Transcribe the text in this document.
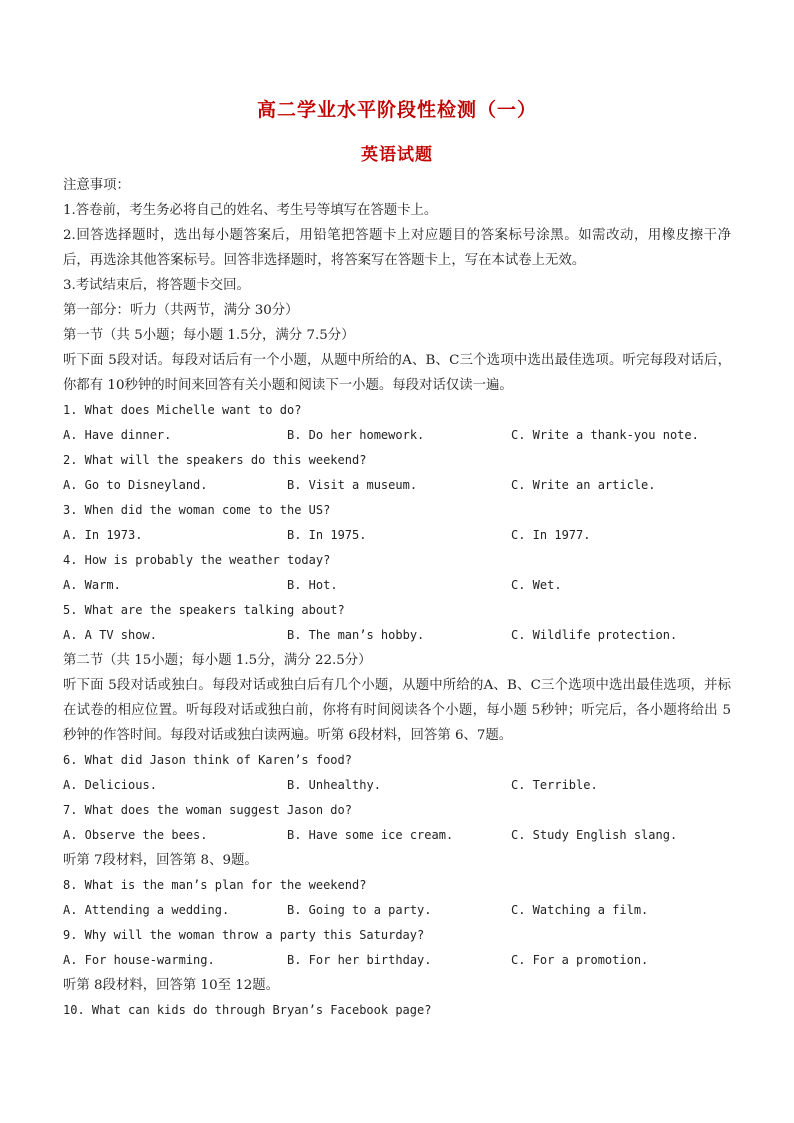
高二学业水平阶段性检测（一）
英语试题
注意事项：
1.答卷前，考生务必将自己的姓名、考生号等填写在答题卡上。
2.回答选择题时，选出每小题答案后，用铅笔把答题卡上对应题目的答案标号涂黑。如需改动，用橡皮擦干净后，再选涂其他答案标号。回答非选择题时，将答案写在答题卡上，写在本试卷上无效。
3.考试结束后，将答题卡交回。
第一部分：听力（共两节，满分 30分）
第一节（共 5小题；每小题 1.5分，满分 7.5分）
听下面 5段对话。每段对话后有一个小题，从题中所给的A、B、C三个选项中选出最佳选项。听完每段对话后，你都有 10秒钟的时间来回答有关小题和阅读下一小题。每段对话仅读一遍。
1. What does Michelle want to do?
A. Have dinner.	B. Do her homework.	C. Write a thank-you note.
2. What will the speakers do this weekend?
A. Go to Disneyland.	B. Visit a museum.	C. Write an article.
3. When did the woman come to the US?
A. In 1973.	B. In 1975.	C. In 1977.
4. How is probably the weather today?
A. Warm.	B. Hot.	C. Wet.
5. What are the speakers talking about?
A. A TV show.	B. The man’s hobby.	C. Wildlife protection.
第二节（共 15小题；每小题 1.5分，满分 22.5分）
听下面 5段对话或独白。每段对话或独白后有几个小题，从题中所给的A、B、C三个选项中选出最佳选项，并标在试卷的相应位置。听每段对话或独白前，你将有时间阅读各个小题，每小题 5秒钟；听完后，各小题将给出 5秒钟的作答时间。每段对话或独白读两遍。听第 6段材料，回答第 6、7题。
6. What did Jason think of Karen’s food?
A. Delicious.	B. Unhealthy.	C. Terrible.
7. What does the woman suggest Jason do?
A. Observe the bees.	B. Have some ice cream.	C. Study English slang.
听第 7段材料，回答第 8、9题。
8. What is the man’s plan for the weekend?
A. Attending a wedding.	B. Going to a party.	C. Watching a film.
9. Why will the woman throw a party this Saturday?
A. For house-warming.	B. For her birthday.	C. For a promotion.
听第 8段材料，回答第 10至 12题。
10. What can kids do through Bryan’s Facebook page?
